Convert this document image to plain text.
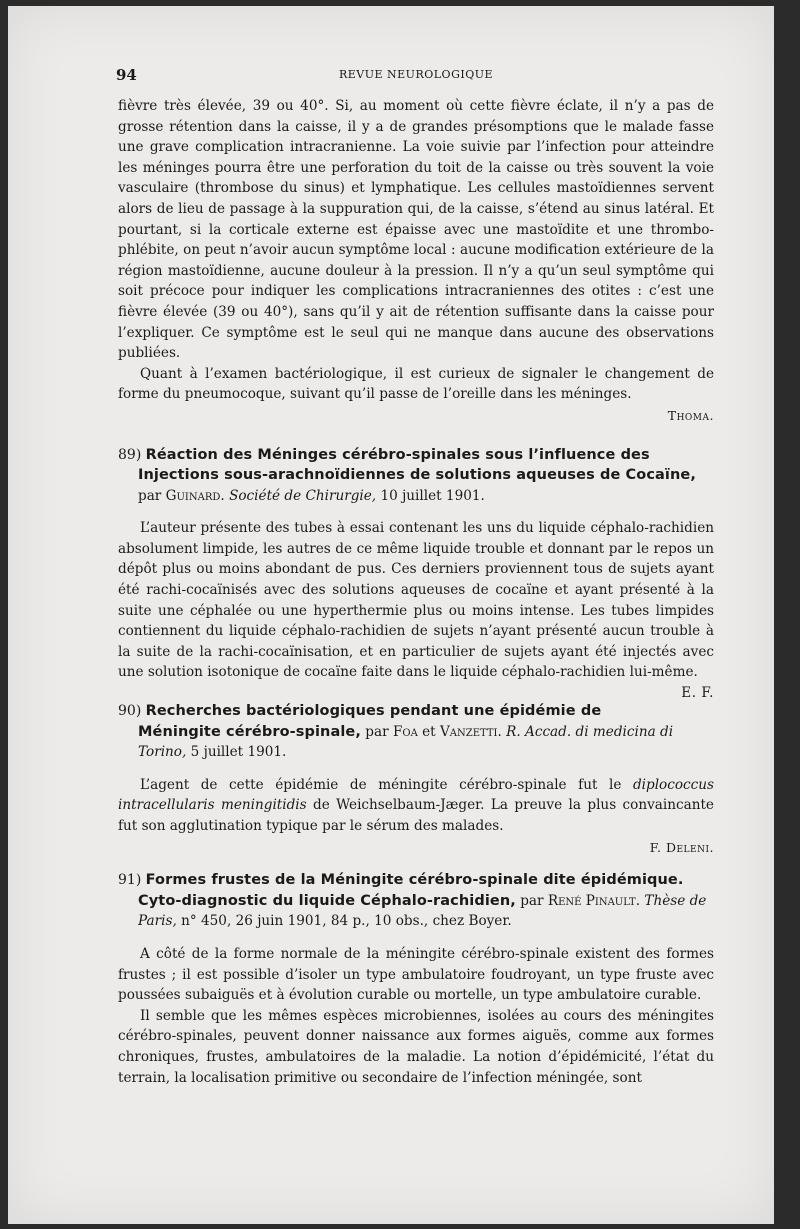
94	REVUE NEUROLOGIQUE

fièvre très élevée, 39 ou 40°. Si, au moment où cette fièvre éclate, il n’y a pas de grosse rétention dans la caisse, il y a de grandes présomptions que le malade fasse une grave complication intracranienne. La voie suivie par l’infection pour atteindre les méninges pourra être une perforation du toit de la caisse ou très souvent la voie vasculaire (thrombose du sinus) et lymphatique. Les cellules mastoïdiennes servent alors de lieu de passage à la suppuration qui, de la caisse, s’étend au sinus latéral. Et pourtant, si la corticale externe est épaisse avec une mastoïdite et une thrombo-phlébite, on peut n’avoir aucun symptôme local : aucune modification extérieure de la région mastoïdienne, aucune douleur à la pression. Il n’y a qu’un seul symptôme qui soit précoce pour indiquer les complications intracraniennes des otites : c’est une fièvre élevée (39 ou 40°), sans qu’il y ait de rétention suffisante dans la caisse pour l’expliquer. Ce symptôme est le seul qui ne manque dans aucune des observations publiées.

Quant à l’examen bactériologique, il est curieux de signaler le changement de forme du pneumocoque, suivant qu’il passe de l’oreille dans les méninges.

Thoma.
89) Réaction des Méninges cérébro-spinales sous l’influence des Injections sous-arachnoïdiennes de solutions aqueuses de Cocaïne, par Guinard. Société de Chirurgie, 10 juillet 1901.

L’auteur présente des tubes à essai contenant les uns du liquide céphalo-rachidien absolument limpide, les autres de ce même liquide trouble et donnant par le repos un dépôt plus ou moins abondant de pus. Ces derniers proviennent tous de sujets ayant été rachi-cocaïnisés avec des solutions aqueuses de cocaïne et ayant présenté à la suite une céphalée ou une hyperthermie plus ou moins intense. Les tubes limpides contiennent du liquide céphalo-rachidien de sujets n’ayant présenté aucun trouble à la suite de la rachi-cocaïnisation, et en particulier de sujets ayant été injectés avec une solution isotonique de cocaïne faite dans le liquide céphalo-rachidien lui-même.
E. F.

90) Recherches bactériologiques pendant une épidémie de Méningite cérébro-spinale, par Foa et Vanzetti. R. Accad. di medicina di Torino, 5 juillet 1901.

L’agent de cette épidémie de méningite cérébro-spinale fut le diplococcus intracellularis meningitidis de Weichselbaum-Jæger. La preuve la plus convaincante fut son agglutination typique par le sérum des malades.

F. Deleni.
91) Formes frustes de la Méningite cérébro-spinale dite épidémique. Cyto-diagnostic du liquide Céphalo-rachidien, par René Pinault. Thèse de Paris, n° 450, 26 juin 1901, 84 p., 10 obs., chez Boyer.

A côté de la forme normale de la méningite cérébro-spinale existent des formes frustes ; il est possible d’isoler un type ambulatoire foudroyant, un type fruste avec poussées subaiguës et à évolution curable ou mortelle, un type ambulatoire curable.

Il semble que les mêmes espèces microbiennes, isolées au cours des méningites cérébro-spinales, peuvent donner naissance aux formes aiguës, comme aux formes chroniques, frustes, ambulatoires de la maladie. La notion d’épidémicité, l’état du terrain, la localisation primitive ou secondaire de l’infection méningée, sont
